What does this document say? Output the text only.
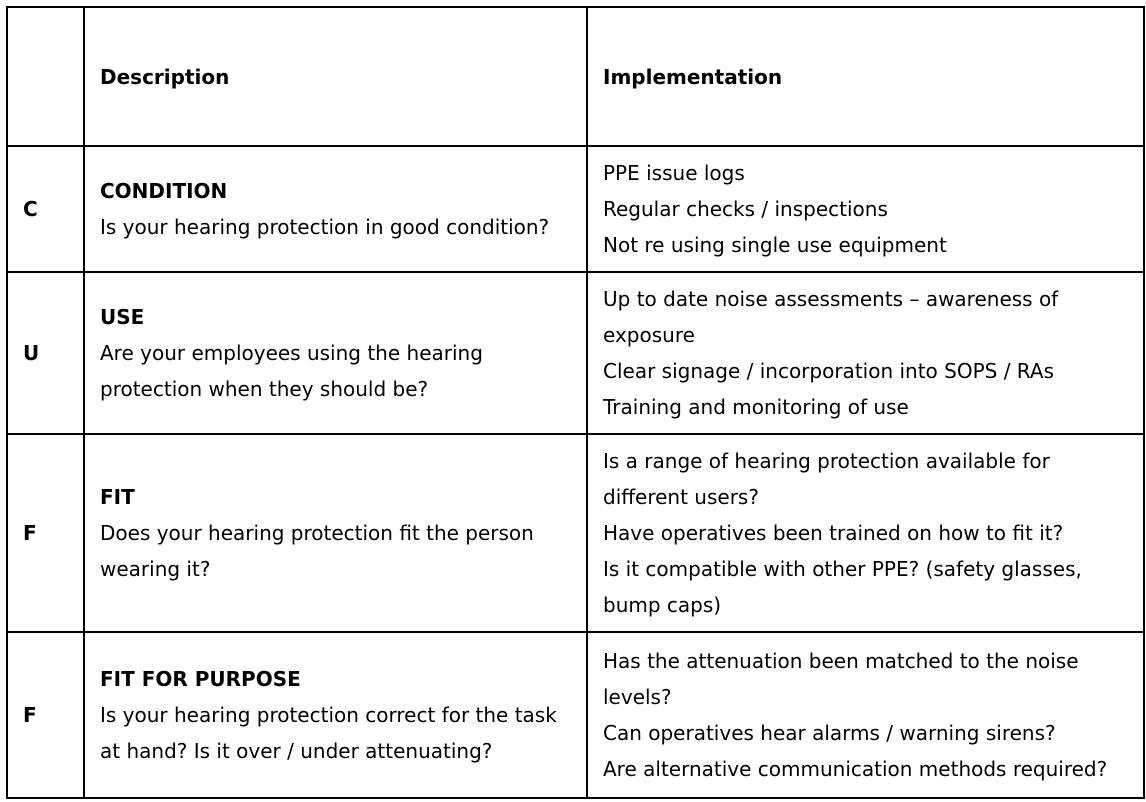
	Description	Implementation
C	CONDITION
Is your hearing protection in good condition?	PPE issue logs
Regular checks / inspections
Not re using single use equipment

U	USE
Are your employees using the hearing protection when they should be?	Up to date noise assessments – awareness of exposure
Clear signage / incorporation into SOPS / RAs
Training and monitoring of use

F	FIT
Does your hearing protection fit the person wearing it?	Is a range of hearing protection available for different users?
Have operatives been trained on how to fit it?
Is it compatible with other PPE? (safety glasses, bump caps)

F	FIT FOR PURPOSE
Is your hearing protection correct for the task at hand? Is it over / under attenuating?	Has the attenuation been matched to the noise levels?
Can operatives hear alarms / warning sirens?
Are alternative communication methods required?
